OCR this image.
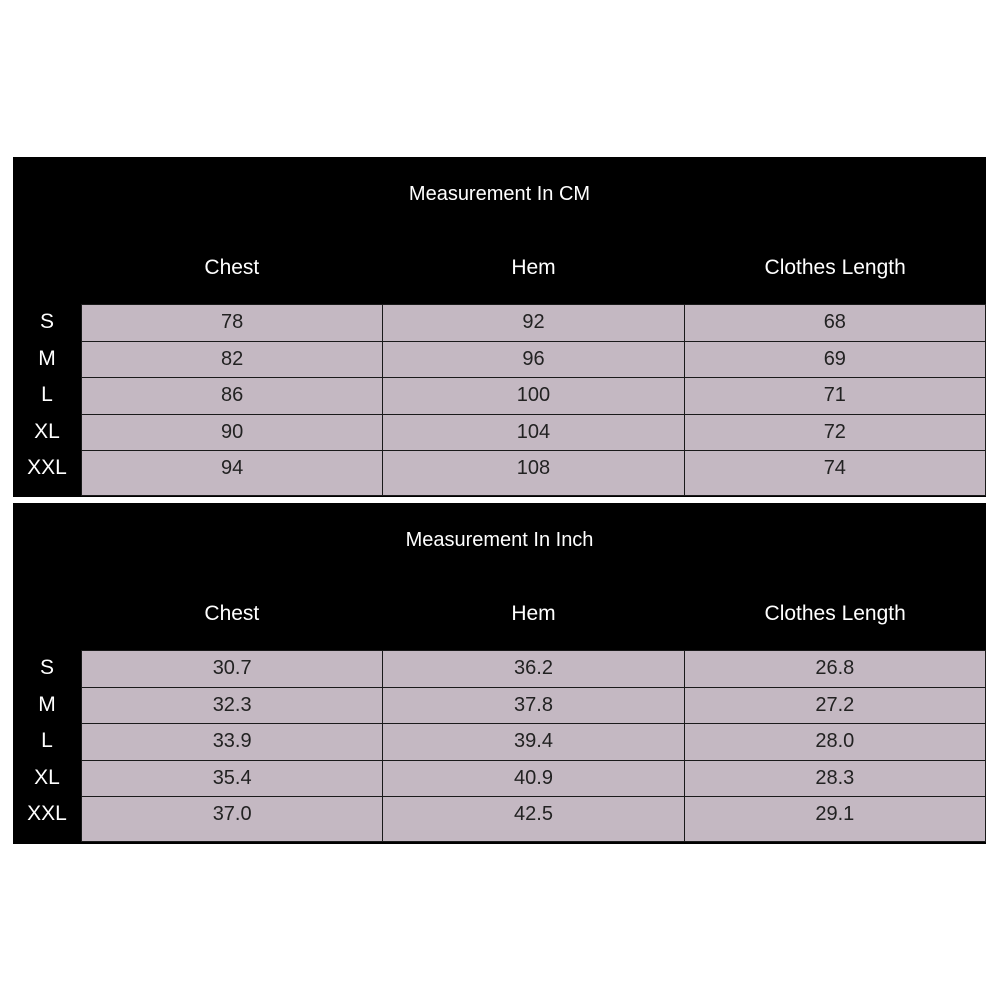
Measurement In CM
Chest	Hem	Clothes Length
S	78	92	68
M	82	96	69
L	86	100	71
XL	90	104	72
XXL	94	108	74
Measurement In Inch
Chest	Hem	Clothes Length
S	30.7	36.2	26.8
M	32.3	37.8	27.2
L	33.9	39.4	28.0
XL	35.4	40.9	28.3
XXL	37.0	42.5	29.1
